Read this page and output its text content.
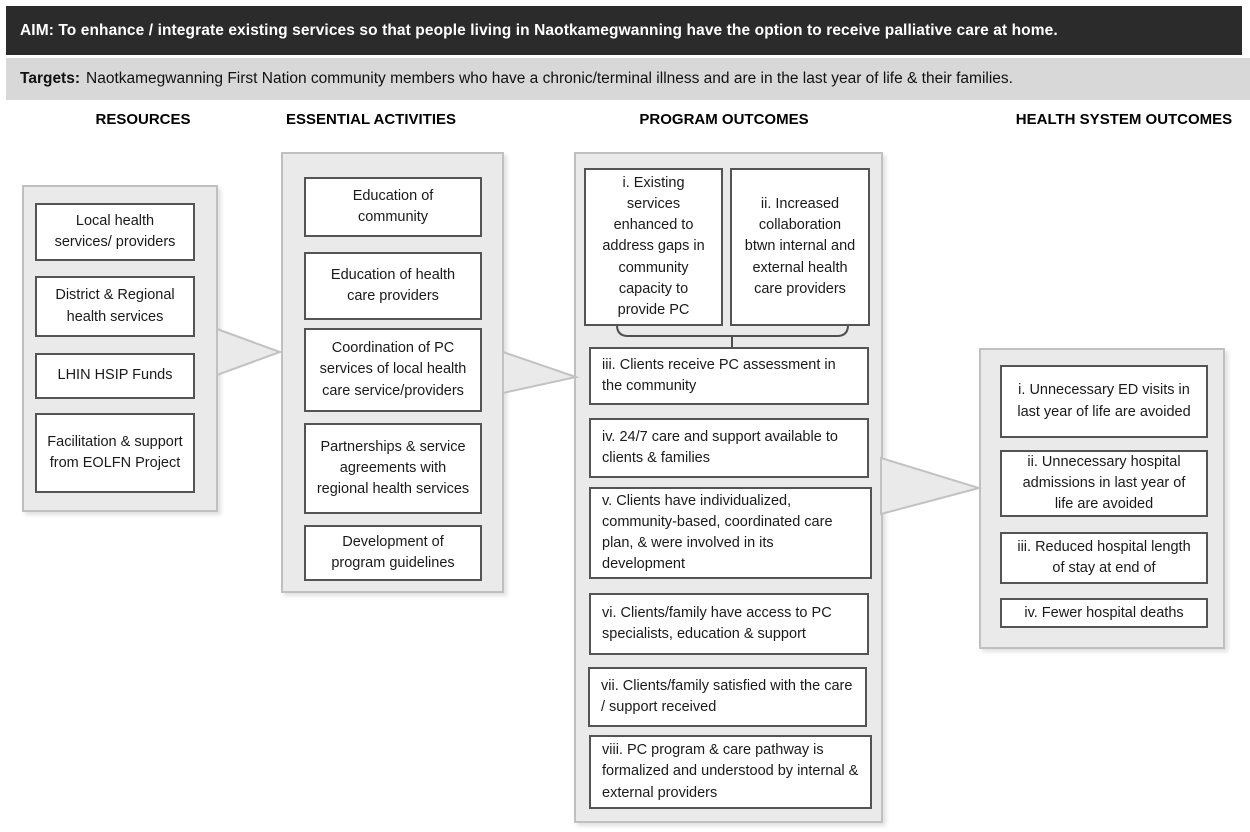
AIM: To enhance / integrate existing services so that people living in Naotkamegwanning have the option to receive palliative care at home.
Targets: Naotkamegwanning First Nation community members who have a chronic/terminal illness and are in the last year of life & their families.
RESOURCES	ESSENTIAL ACTIVITIES	PROGRAM OUTCOMES	HEALTH SYSTEM OUTCOMES
Local health services/ providers
District & Regional health services
LHIN HSIP Funds
Facilitation & support from EOLFN Project
Education of community
Education of health care providers
Coordination of PC services of local health care service/providers
Partnerships & service agreements with regional health services
Development of program guidelines
i. Existing services enhanced to address gaps in community capacity to provide PC
ii. Increased collaboration btwn internal and external health care providers
iii. Clients receive PC assessment in the community
iv. 24/7 care and support available to clients & families
v. Clients have individualized, community-based, coordinated care plan, & were involved in its development
vi. Clients/family have access to PC specialists, education & support
vii. Clients/family satisfied with the care / support received
viii. PC program & care pathway is formalized and understood by internal & external providers
i. Unnecessary ED visits in last year of life are avoided
ii. Unnecessary hospital admissions in last year of life are avoided
iii. Reduced hospital length of stay at end of
iv. Fewer hospital deaths
